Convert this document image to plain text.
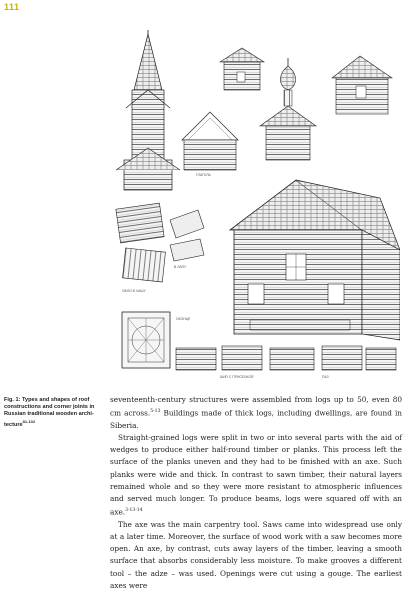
111
ГЛАГОЛЬ
ОБЛО В ЧАШУ
В ЛАПУ
ОКОНЦЕ
ШИП С ПРИСЕЧКОЙ	ПАЗ
Fig. 1: Types and shapes of roof constructions and corner joints in Russian traditional wooden architecture$^{81-102}$

seventeenth-century structures were assembled from logs up to 50, even 80 cm across.$^{5-13}$ Buildings made of thick logs, including dwellings, are found in Siberia.

Straight-grained logs were split in two or into several parts with the aid of wedges to produce either half-round timber or planks. This process left the surface of the planks uneven and they had to be finished with an axe. Such planks were wide and thick. In contrast to sawn timber, their natural layers remained whole and so they were more resistant to atmospheric influences and served much longer. To produce beams, logs were squared off with an axe.$^{3-13-14}$

The axe was the main carpentry tool. Saws came into widespread use only at a later time. Moreover, the surface of wood work with a saw becomes more open. An axe, by contrast, cuts away layers of the timber, leaving a smooth surface that absorbs considerably less moisture. To make grooves a different tool – the adze – was used. Openings were cut using a gouge. The earliest axes were
